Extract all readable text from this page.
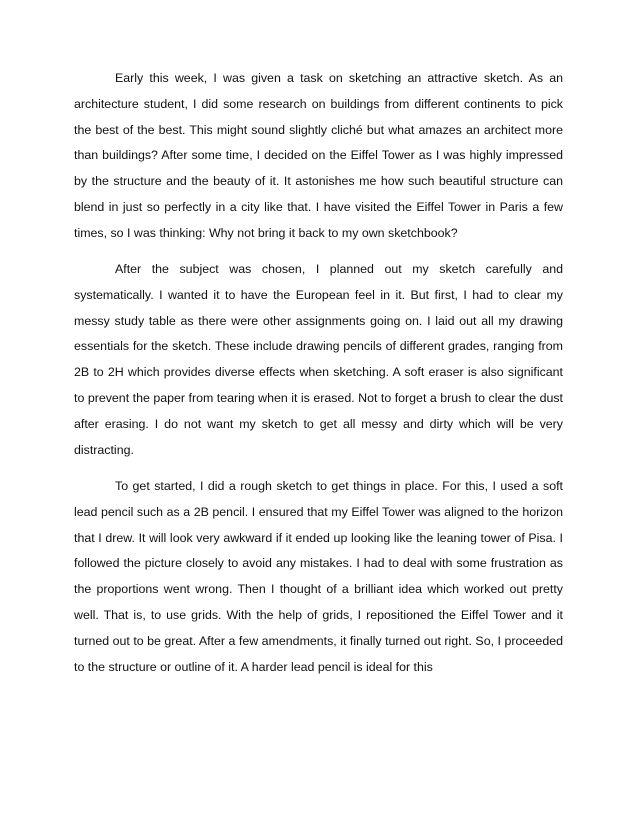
Early this week, I was given a task on sketching an attractive sketch. As an architecture student, I did some research on buildings from different continents to pick the best of the best. This might sound slightly cliché but what amazes an architect more than buildings? After some time, I decided on the Eiffel Tower as I was highly impressed by the structure and the beauty of it. It astonishes me how such beautiful structure can blend in just so perfectly in a city like that. I have visited the Eiffel Tower in Paris a few times, so I was thinking: Why not bring it back to my own sketchbook?

After the subject was chosen, I planned out my sketch carefully and systematically. I wanted it to have the European feel in it. But first, I had to clear my messy study table as there were other assignments going on. I laid out all my drawing essentials for the sketch. These include drawing pencils of different grades, ranging from 2B to 2H which provides diverse effects when sketching. A soft eraser is also significant to prevent the paper from tearing when it is erased. Not to forget a brush to clear the dust after erasing. I do not want my sketch to get all messy and dirty which will be very distracting.

To get started, I did a rough sketch to get things in place. For this, I used a soft lead pencil such as a 2B pencil. I ensured that my Eiffel Tower was aligned to the horizon that I drew. It will look very awkward if it ended up looking like the leaning tower of Pisa. I followed the picture closely to avoid any mistakes. I had to deal with some frustration as the proportions went wrong. Then I thought of a brilliant idea which worked out pretty well. That is, to use grids. With the help of grids, I repositioned the Eiffel Tower and it turned out to be great. After a few amendments, it finally turned out right. So, I proceeded to the structure or outline of it. A harder lead pencil is ideal for this
